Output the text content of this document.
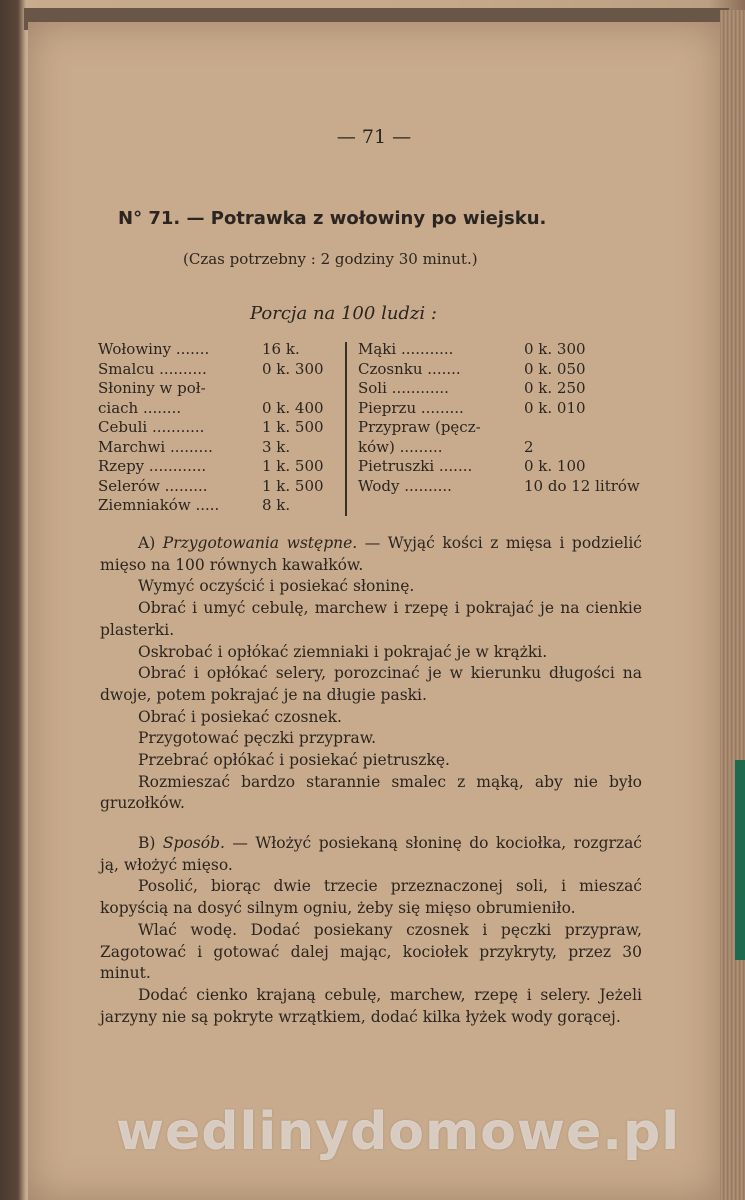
— 71 —
N° 71. — Potrawka z wołowiny po wiejsku.
(Czas potrzebny : 2 godziny 30 minut.)
Porcja na 100 ludzi :
Wołowiny .......	16 k.
Smalcu ..........	0 k. 300
Słoniny w poł-
ciach ........	0 k. 400
Cebuli ...........	1 k. 500
Marchwi .........	3 k.
Rzepy ............	1 k. 500
Selerów .........	1 k. 500
Ziemniaków .....	8 k.
Mąki ...........	0 k. 300
Czosnku .......	0 k. 050
Soli ............	0 k. 250
Pieprzu .........	0 k. 010
Przypraw (pęcz-
ków) .........	2
Pietruszki .......	0 k. 100
Wody ..........	10 do 12 litrów

A) Przygotowania wstępne. — Wyjąć kości z mięsa i podzielić mięso na 100 równych kawałków.

Wymyć oczyścić i posiekać słoninę.

Obrać i umyć cebulę, marchew i rzepę i pokrajać je na cienkie plasterki.

Oskrobać i opłókać ziemniaki i pokrajać je w krążki.

Obrać i opłókać selery, porozcinać je w kierunku długości na dwoje, potem pokrajać je na długie paski.

Obrać i posiekać czosnek.

Przygotować pęczki przypraw.

Przebrać opłókać i posiekać pietruszkę.

Rozmieszać bardzo starannie smalec z mąką, aby nie było gruzołków.

B) Sposób. — Włożyć posiekaną słoninę do kociołka, rozgrzać ją, włożyć mięso.

Posolić, biorąc dwie trzecie przeznaczonej soli, i mieszać kopyścią na dosyć silnym ogniu, żeby się mięso obrumieniło.

Wlać wodę. Dodać posiekany czosnek i pęczki przypraw, Zagotować i gotować dalej mając, kociołek przykryty, przez 30 minut.

Dodać cienko krajaną cebulę, marchew, rzepę i selery. Jeżeli jarzyny nie są pokryte wrzątkiem, dodać kilka łyżek wody gorącej.

wedlinydomowe.pl
